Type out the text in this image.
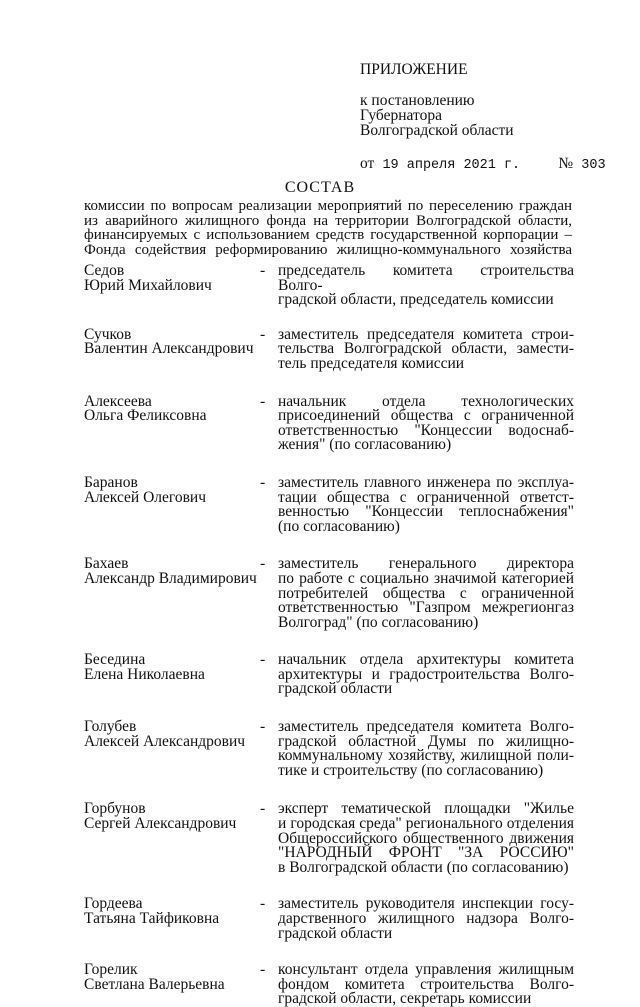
ПРИЛОЖЕНИЕ
к постановлению
Губернатора
Волгоградской области
от 19 апреля 2021 г. № 303
СОСТАВ
комиссии по вопросам реализации мероприятий по переселению граждан
из аварийного жилищного фонда на территории Волгоградской области,
финансируемых с использованием средств государственной корпорации –
Фонда содействия реформированию жилищно-коммунального хозяйства
Седов
Юрий Михайлович
- председатель комитета строительства Волго-
градской области, председатель комиссии
Сучков
Валентин Александрович
- заместитель председателя комитета строи-
тельства Волгоградской области, замести-
тель председателя комиссии
Алексеева
Ольга Феликсовна
- начальник отдела технологических
присоединений общества с ограниченной
ответственностью "Концессии водоснаб-
жения" (по согласованию)
Баранов
Алексей Олегович
- заместитель главного инженера по эксплуа-
тации общества с ограниченной ответст-
венностью "Концессии теплоснабжения"
(по согласованию)
Бахаев
Александр Владимирович
- заместитель генерального директора
по работе с социально значимой категорией
потребителей общества с ограниченной
ответственностью "Газпром межрегионгаз
Волгоград" (по согласованию)
Беседина
Елена Николаевна
- начальник отдела архитектуры комитета
архитектуры и градостроительства Волго-
градской области
Голубев
Алексей Александрович
- заместитель председателя комитета Волго-
градской областной Думы по жилищно-
коммунальному хозяйству, жилищной поли-
тике и строительству (по согласованию)
Горбунов
Сергей Александрович
- эксперт тематической площадки "Жилье
и городская среда" регионального отделения
Общероссийского общественного движения
"НАРОДНЫЙ ФРОНТ "ЗА РОССИЮ"
в Волгоградской области (по согласованию)
Гордеева
Татьяна Тайфиковна
- заместитель руководителя инспекции госу-
дарственного жилищного надзора Волго-
градской области
Горелик
Светлана Валерьевна
- консультант отдела управления жилищным
фондом комитета строительства Волго-
градской области, секретарь комиссии
